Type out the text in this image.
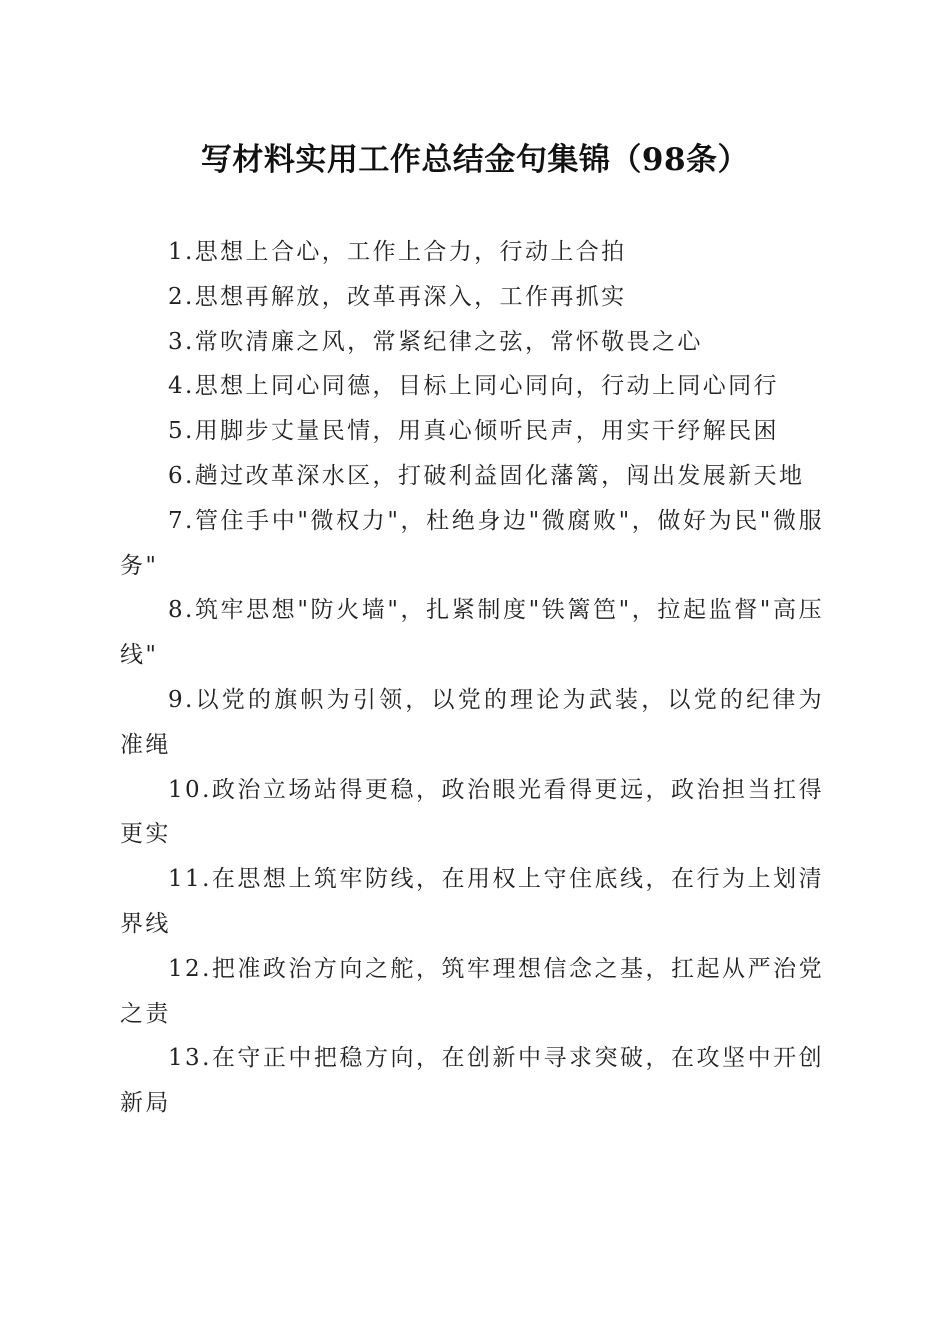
写材料实用工作总结金句集锦（98条）

1.思想上合心，工作上合力，行动上合拍

2.思想再解放，改革再深入，工作再抓实

3.常吹清廉之风，常紧纪律之弦，常怀敬畏之心

4.思想上同心同德，目标上同心同向，行动上同心同行

5.用脚步丈量民情，用真心倾听民声，用实干纾解民困

6.趟过改革深水区，打破利益固化藩篱，闯出发展新天地

7.管住手中"微权力"，杜绝身边"微腐败"，做好为民"微服务"

8.筑牢思想"防火墙"，扎紧制度"铁篱笆"，拉起监督"高压线"

9.以党的旗帜为引领，以党的理论为武装，以党的纪律为准绳

10.政治立场站得更稳，政治眼光看得更远，政治担当扛得更实

11.在思想上筑牢防线，在用权上守住底线，在行为上划清界线

12.把准政治方向之舵，筑牢理想信念之基，扛起从严治党之责

13.在守正中把稳方向，在创新中寻求突破，在攻坚中开创新局
